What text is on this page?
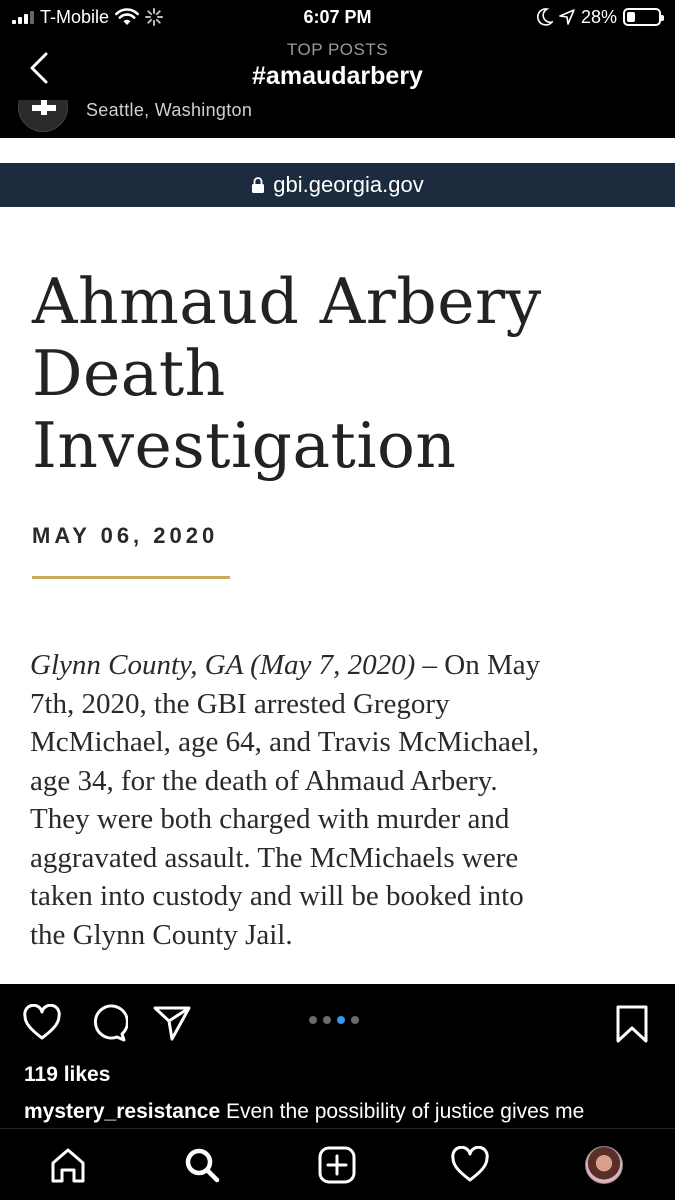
T-Mobile	6:07 PM	28%
TOP POSTS
#amaudarbery
Seattle, Washington
gbi.georgia.gov
Ahmaud Arbery
Death
Investigation
MAY 06, 2020
Glynn County, GA (May 7, 2020) – On May
7th, 2020, the GBI arrested Gregory
McMichael, age 64, and Travis McMichael,
age 34, for the death of Ahmaud Arbery.
They were both charged with murder and
aggravated assault. The McMichaels were
taken into custody and will be booked into
the Glynn County Jail.
119 likes
mystery_resistance Even the possibility of justice gives me
